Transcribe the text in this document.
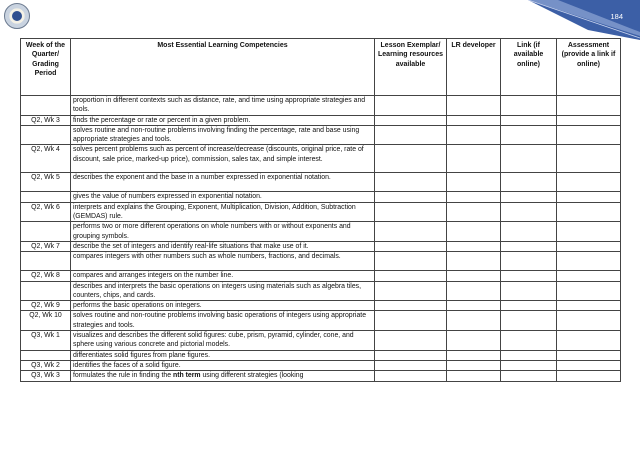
184
Week of the Quarter/ Grading Period	Most Essential Learning Competencies	Lesson Exemplar/ Learning resources available	LR developer	Link (if available online)	Assessment (provide a link if online)
	proportion in different contexts such as distance, rate, and time using appropriate strategies and tools.				
Q2, Wk 3	finds the percentage or rate or percent in a given problem.				
	solves routine and non-routine problems involving finding the percentage, rate and base using appropriate strategies and tools.				
Q2, Wk 4	solves percent problems such as percent of increase/decrease (discounts, original price, rate of discount, sale price, marked-up price), commission, sales tax, and simple interest.				
Q2, Wk 5	describes the exponent and the base in a number expressed in exponential notation.				
	gives the value of numbers expressed in exponential notation.				
Q2, Wk 6	interprets and explains the Grouping, Exponent, Multiplication, Division, Addition, Subtraction (GEMDAS) rule.				
	performs two or more different operations on whole numbers with or without exponents and grouping symbols.				
Q2, Wk 7	describe the set of integers and identify real-life situations that make use of it.				
	compares integers with other numbers such as whole numbers, fractions, and decimals.				
Q2, Wk 8	compares and arranges integers on the number line.				
	describes and interprets the basic operations on integers using materials such as algebra tiles, counters, chips, and cards.				
Q2, Wk 9	performs the basic operations on integers.				
Q2, Wk 10	solves routine and non-routine problems involving basic operations of integers using appropriate strategies and tools.				
Q3, Wk 1	visualizes and describes the different solid figures: cube, prism, pyramid, cylinder, cone, and sphere using various concrete and pictorial models.				
	differentiates solid figures from plane figures.				
Q3, Wk 2	identifies the faces of a solid figure.				
Q3, Wk 3	formulates the rule in finding the nth term using different strategies (looking				
